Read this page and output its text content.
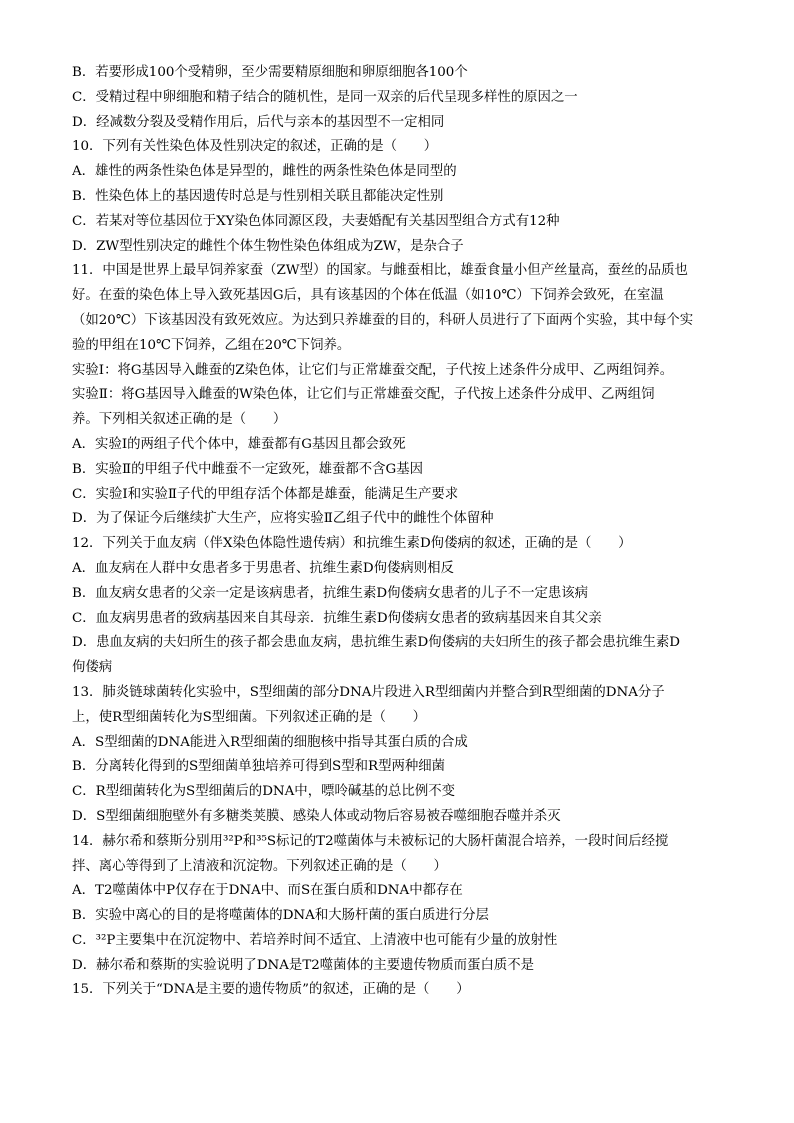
B．若要形成100个受精卵，至少需要精原细胞和卵原细胞各100个
C．受精过程中卵细胞和精子结合的随机性，是同一双亲的后代呈现多样性的原因之一
D．经减数分裂及受精作用后，后代与亲本的基因型不一定相同
10．下列有关性染色体及性别决定的叙述，正确的是（　　）
A．雄性的两条性染色体是异型的，雌性的两条性染色体是同型的
B．性染色体上的基因遗传时总是与性别相关联且都能决定性别
C．若某对等位基因位于XY染色体同源区段，夫妻婚配有关基因型组合方式有12种
D．ZW型性别决定的雌性个体生物性染色体组成为ZW，是杂合子
11．中国是世界上最早饲养家蚕（ZW型）的国家。与雌蚕相比，雄蚕食量小但产丝量高，蚕丝的品质也
好。在蚕的染色体上导入致死基因G后，具有该基因的个体在低温（如10℃）下饲养会致死，在室温
（如20℃）下该基因没有致死效应。为达到只养雄蚕的目的，科研人员进行了下面两个实验，其中每个实
验的甲组在10℃下饲养，乙组在20℃下饲养。
实验Ⅰ：将G基因导入雌蚕的Z染色体，让它们与正常雄蚕交配，子代按上述条件分成甲、乙两组饲养。
实验Ⅱ：将G基因导入雌蚕的W染色体，让它们与正常雄蚕交配，子代按上述条件分成甲、乙两组饲
养。下列相关叙述正确的是（　　）
A．实验Ⅰ的两组子代个体中，雄蚕都有G基因且都会致死
B．实验Ⅱ的甲组子代中雌蚕不一定致死，雄蚕都不含G基因
C．实验Ⅰ和实验Ⅱ子代的甲组存活个体都是雄蚕，能满足生产要求
D．为了保证今后继续扩大生产，应将实验Ⅱ乙组子代中的雌性个体留种
12．下列关于血友病（伴X染色体隐性遗传病）和抗维生素D佝偻病的叙述，正确的是（　　）
A．血友病在人群中女患者多于男患者、抗维生素D佝偻病则相反
B．血友病女患者的父亲一定是该病患者，抗维生素D佝偻病女患者的儿子不一定患该病
C．血友病男患者的致病基因来自其母亲．抗维生素D佝偻病女患者的致病基因来自其父亲
D．患血友病的夫妇所生的孩子都会患血友病，患抗维生素D佝偻病的夫妇所生的孩子都会患抗维生素D
佝偻病
13．肺炎链球菌转化实验中，S型细菌的部分DNA片段进入R型细菌内并整合到R型细菌的DNA分子
上，使R型细菌转化为S型细菌。下列叙述正确的是（　　）
A．S型细菌的DNA能进入R型细菌的细胞核中指导其蛋白质的合成
B．分离转化得到的S型细菌单独培养可得到S型和R型两种细菌
C．R型细菌转化为S型细菌后的DNA中，嘌呤碱基的总比例不变
D．S型细菌细胞壁外有多糖类荚膜、感染人体或动物后容易被吞噬细胞吞噬并杀灭
14．赫尔希和蔡斯分别用³²P和³⁵S标记的T2噬菌体与未被标记的大肠杆菌混合培养，一段时间后经搅
拌、离心等得到了上清液和沉淀物。下列叙述正确的是（　　）
A．T2噬菌体中P仅存在于DNA中、而S在蛋白质和DNA中都存在
B．实验中离心的目的是将噬菌体的DNA和大肠杆菌的蛋白质进行分层
C．³²P主要集中在沉淀物中、若培养时间不适宜、上清液中也可能有少量的放射性
D．赫尔希和蔡斯的实验说明了DNA是T2噬菌体的主要遗传物质而蛋白质不是
15．下列关于“DNA是主要的遗传物质”的叙述，正确的是（　　）
